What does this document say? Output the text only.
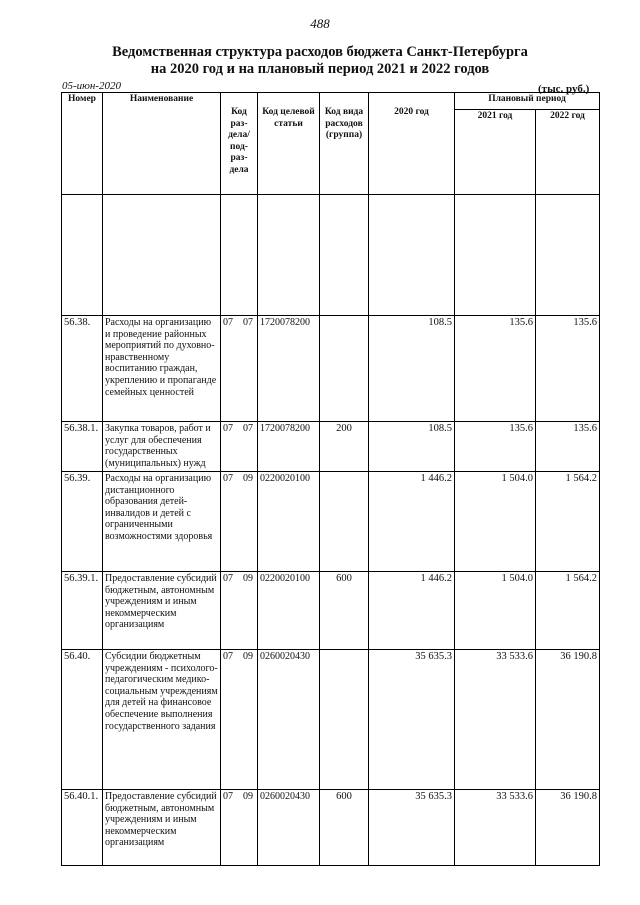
488
Ведомственная структура расходов бюджета Санкт-Петербурга
на 2020 год и на плановый период 2021 и 2022 годов
05-июн-2020	(тыс. руб.)
Номер	Наименование	Код раз- дела/ под- раз- дела	Код целевой статьи	Код вида расходов (группа)	2020 год	Плановый период	
						2021 год	2022 год

56.38.	Расходы на организацию и проведение районных мероприятий по духовно-нравственному воспитанию граждан, укреплению и пропаганде семейных ценностей	07 07	1720078200		108.5	135.6	135.6
56.38.1.	Закупка товаров, работ и услуг для обеспечения государственных (муниципальных) нужд	07 07	1720078200	200	108.5	135.6	135.6
56.39.	Расходы на организацию дистанционного образования детей-инвалидов и детей с ограниченными возможностями здоровья	07 09	0220020100		1 446.2	1 504.0	1 564.2
56.39.1.	Предоставление субсидий бюджетным, автономным учреждениям и иным некоммерческим организациям	07 09	0220020100	600	1 446.2	1 504.0	1 564.2
56.40.	Субсидии бюджетным учреждениям - психолого-педагогическим медико-социальным учреждениям для детей на финансовое обеспечение выполнения государственного задания	07 09	0260020430		35 635.3	33 533.6	36 190.8
56.40.1.	Предоставление субсидий бюджетным, автономным учреждениям и иным некоммерческим организациям	07 09	0260020430	600	35 635.3	33 533.6	36 190.8
